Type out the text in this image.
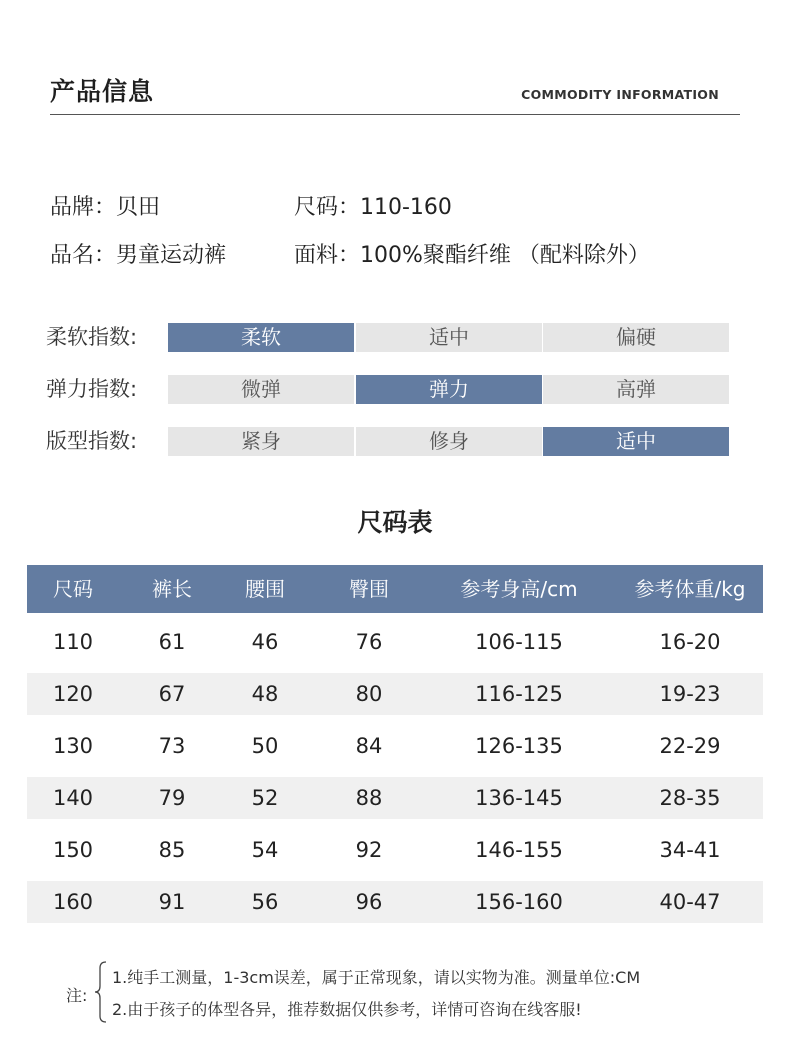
产品信息	COMMODITY INFORMATION
品牌：贝田	尺码：110-160
品名：男童运动裤	面料：100%聚酯纤维 （配料除外）
柔软指数:	柔软	适中	偏硬
弹力指数:	微弹	弹力	高弹
版型指数:	紧身	修身	适中
尺码表
尺码	裤长	腰围	臀围	参考身高/cm	参考体重/kg
110	61	46	76	106-115	16-20
120	67	48	80	116-125	19-23
130	73	50	84	126-135	22-29
140	79	52	88	136-145	28-35
150	85	54	92	146-155	34-41
160	91	56	96	156-160	40-47
注:
1.纯手工测量，1-3cm误差，属于正常现象，请以实物为准。测量单位:CM
2.由于孩子的体型各异，推荐数据仅供参考，详情可咨询在线客服!
